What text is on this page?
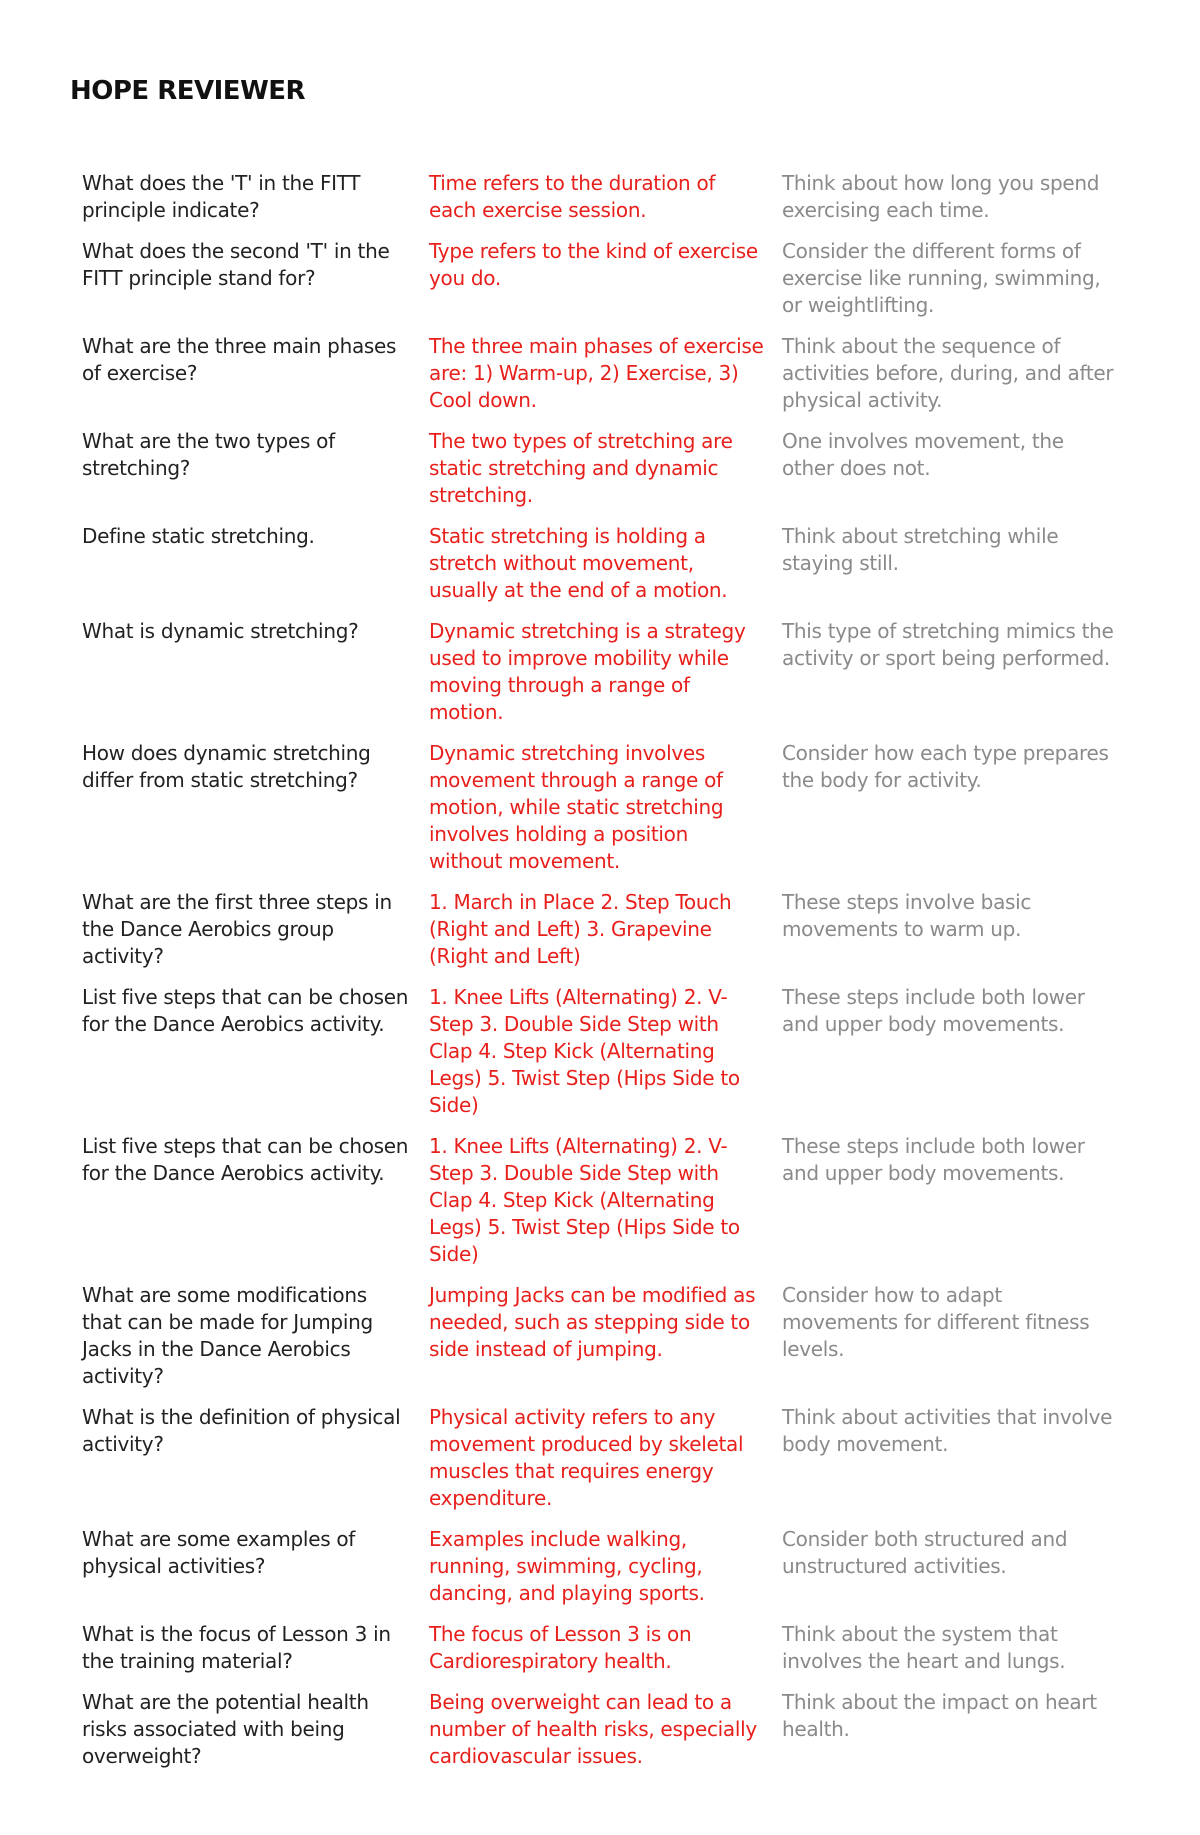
HOPE REVIEWER
What does the 'T' in the FITT principle indicate?
Time refers to the duration of each exercise session.
Think about how long you spend exercising each time.
What does the second 'T' in the FITT principle stand for?
Type refers to the kind of exercise you do.
Consider the different forms of exercise like running, swimming, or weightlifting.
What are the three main phases of exercise?
The three main phases of exercise are: 1) Warm-up, 2) Exercise, 3) Cool down.
Think about the sequence of activities before, during, and after physical activity.
What are the two types of stretching?
The two types of stretching are static stretching and dynamic stretching.
One involves movement, the other does not.
Define static stretching.	Static stretching is holding a stretch without movement, usually at the end of a motion.
Think about stretching while staying still.
What is dynamic stretching?	Dynamic stretching is a strategy used to improve mobility while moving through a range of motion.
This type of stretching mimics the activity or sport being performed.
How does dynamic stretching differ from static stretching?
Dynamic stretching involves movement through a range of motion, while static stretching involves holding a position without movement.
Consider how each type prepares the body for activity.
What are the first three steps in the Dance Aerobics group activity?
1. March in Place 2. Step Touch (Right and Left) 3. Grapevine (Right and Left)
These steps involve basic movements to warm up.
List five steps that can be chosen for the Dance Aerobics activity.
1. Knee Lifts (Alternating) 2. V-Step 3. Double Side Step with Clap 4. Step Kick (Alternating Legs) 5. Twist Step (Hips Side to Side)
These steps include both lower and upper body movements.
List five steps that can be chosen for the Dance Aerobics activity.
1. Knee Lifts (Alternating) 2. V-Step 3. Double Side Step with Clap 4. Step Kick (Alternating Legs) 5. Twist Step (Hips Side to Side)
These steps include both lower and upper body movements.
What are some modifications that can be made for Jumping Jacks in the Dance Aerobics activity?
Jumping Jacks can be modified as needed, such as stepping side to side instead of jumping.
Consider how to adapt movements for different fitness levels.
What is the definition of physical activity?
Physical activity refers to any movement produced by skeletal muscles that requires energy expenditure.
Think about activities that involve body movement.
What are some examples of physical activities?
Examples include walking, running, swimming, cycling, dancing, and playing sports.
Consider both structured and unstructured activities.
What is the focus of Lesson 3 in the training material?
The focus of Lesson 3 is on Cardiorespiratory health.
Think about the system that involves the heart and lungs.
What are the potential health risks associated with being overweight?
Being overweight can lead to a number of health risks, especially cardiovascular issues.
Think about the impact on heart health.
